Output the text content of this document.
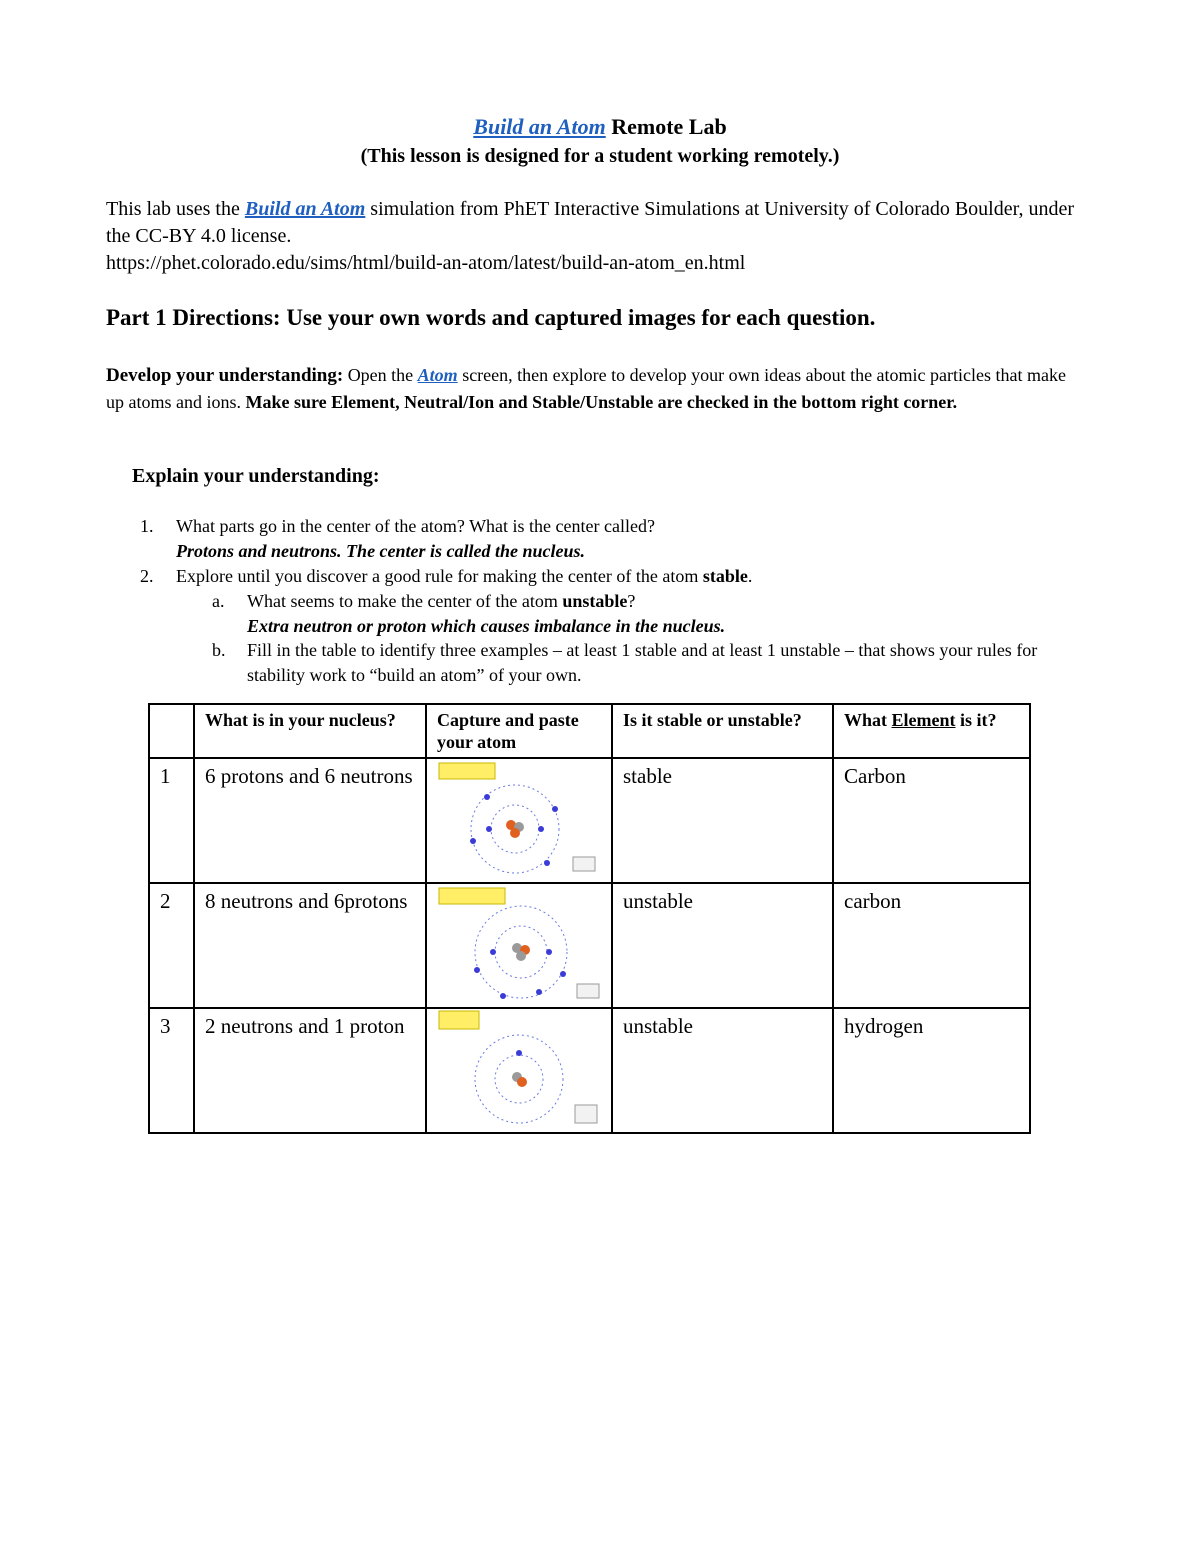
Build an Atom Remote Lab
(This lesson is designed for a student working remotely.)
This lab uses the Build an Atom simulation from PhET Interactive Simulations at University of Colorado Boulder, under the CC-BY 4.0 license.
https://phet.colorado.edu/sims/html/build-an-atom/latest/build-an-atom_en.html
Part 1 Directions: Use your own words and captured images for each question.
Develop your understanding: Open the Atom screen, then explore to develop your own ideas about the atomic particles that make up atoms and ions. Make sure Element, Neutral/Ion and Stable/Unstable are checked in the bottom right corner.
Explain your understanding:
1. What parts go in the center of the atom? What is the center called?
Protons and neutrons. The center is called the nucleus.
2. Explore until you discover a good rule for making the center of the atom stable.
a. What seems to make the center of the atom unstable?
Extra neutron or proton which causes imbalance in the nucleus.
b. Fill in the table to identify three examples – at least 1 stable and at least 1 unstable – that shows your rules for stability work to “build an atom” of your own.
	What is in your nucleus?	Capture and paste your atom	Is it stable or unstable?	What Element is it?
1	6 protons and 6 neutrons		stable	Carbon
2	8 neutrons and 6protons		unstable	carbon
3	2 neutrons and 1 proton		unstable	hydrogen
